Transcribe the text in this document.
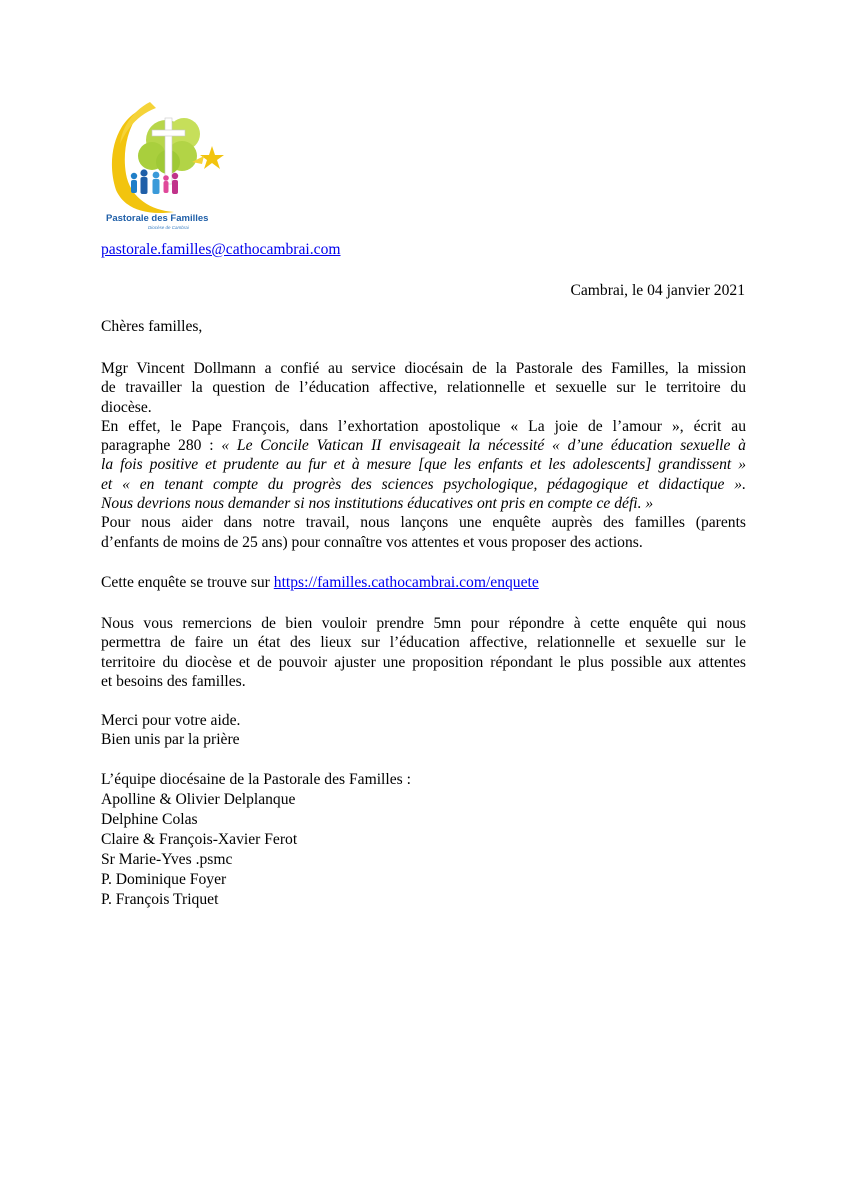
Pastorale des Familles
Diocèse de Cambrai
pastorale.familles@cathocambrai.com
Cambrai, le 04 janvier 2021
Chères familles,
Mgr Vincent Dollmann a confié au service diocésain de la Pastorale des Familles, la mission
de travailler la question de l’éducation affective, relationnelle et sexuelle sur le territoire du
diocèse.
En effet, le Pape François, dans l’exhortation apostolique « La joie de l’amour », écrit au
paragraphe 280 : « Le Concile Vatican II envisageait la nécessité « d’une éducation sexuelle à
la fois positive et prudente au fur et à mesure [que les enfants et les adolescents] grandissent »
et « en tenant compte du progrès des sciences psychologique, pédagogique et didactique ».
Nous devrions nous demander si nos institutions éducatives ont pris en compte ce défi. »
Pour nous aider dans notre travail, nous lançons une enquête auprès des familles (parents
d’enfants de moins de 25 ans) pour connaître vos attentes et vous proposer des actions.
Cette enquête se trouve sur https://familles.cathocambrai.com/enquete
Nous vous remercions de bien vouloir prendre 5mn pour répondre à cette enquête qui nous
permettra de faire un état des lieux sur l’éducation affective, relationnelle et sexuelle sur le
territoire du diocèse et de pouvoir ajuster une proposition répondant le plus possible aux attentes
et besoins des familles.
Merci pour votre aide.
Bien unis par la prière
L’équipe diocésaine de la Pastorale des Familles :
Apolline & Olivier Delplanque
Delphine Colas
Claire & François-Xavier Ferot
Sr Marie-Yves .psmc
P. Dominique Foyer
P. François Triquet
